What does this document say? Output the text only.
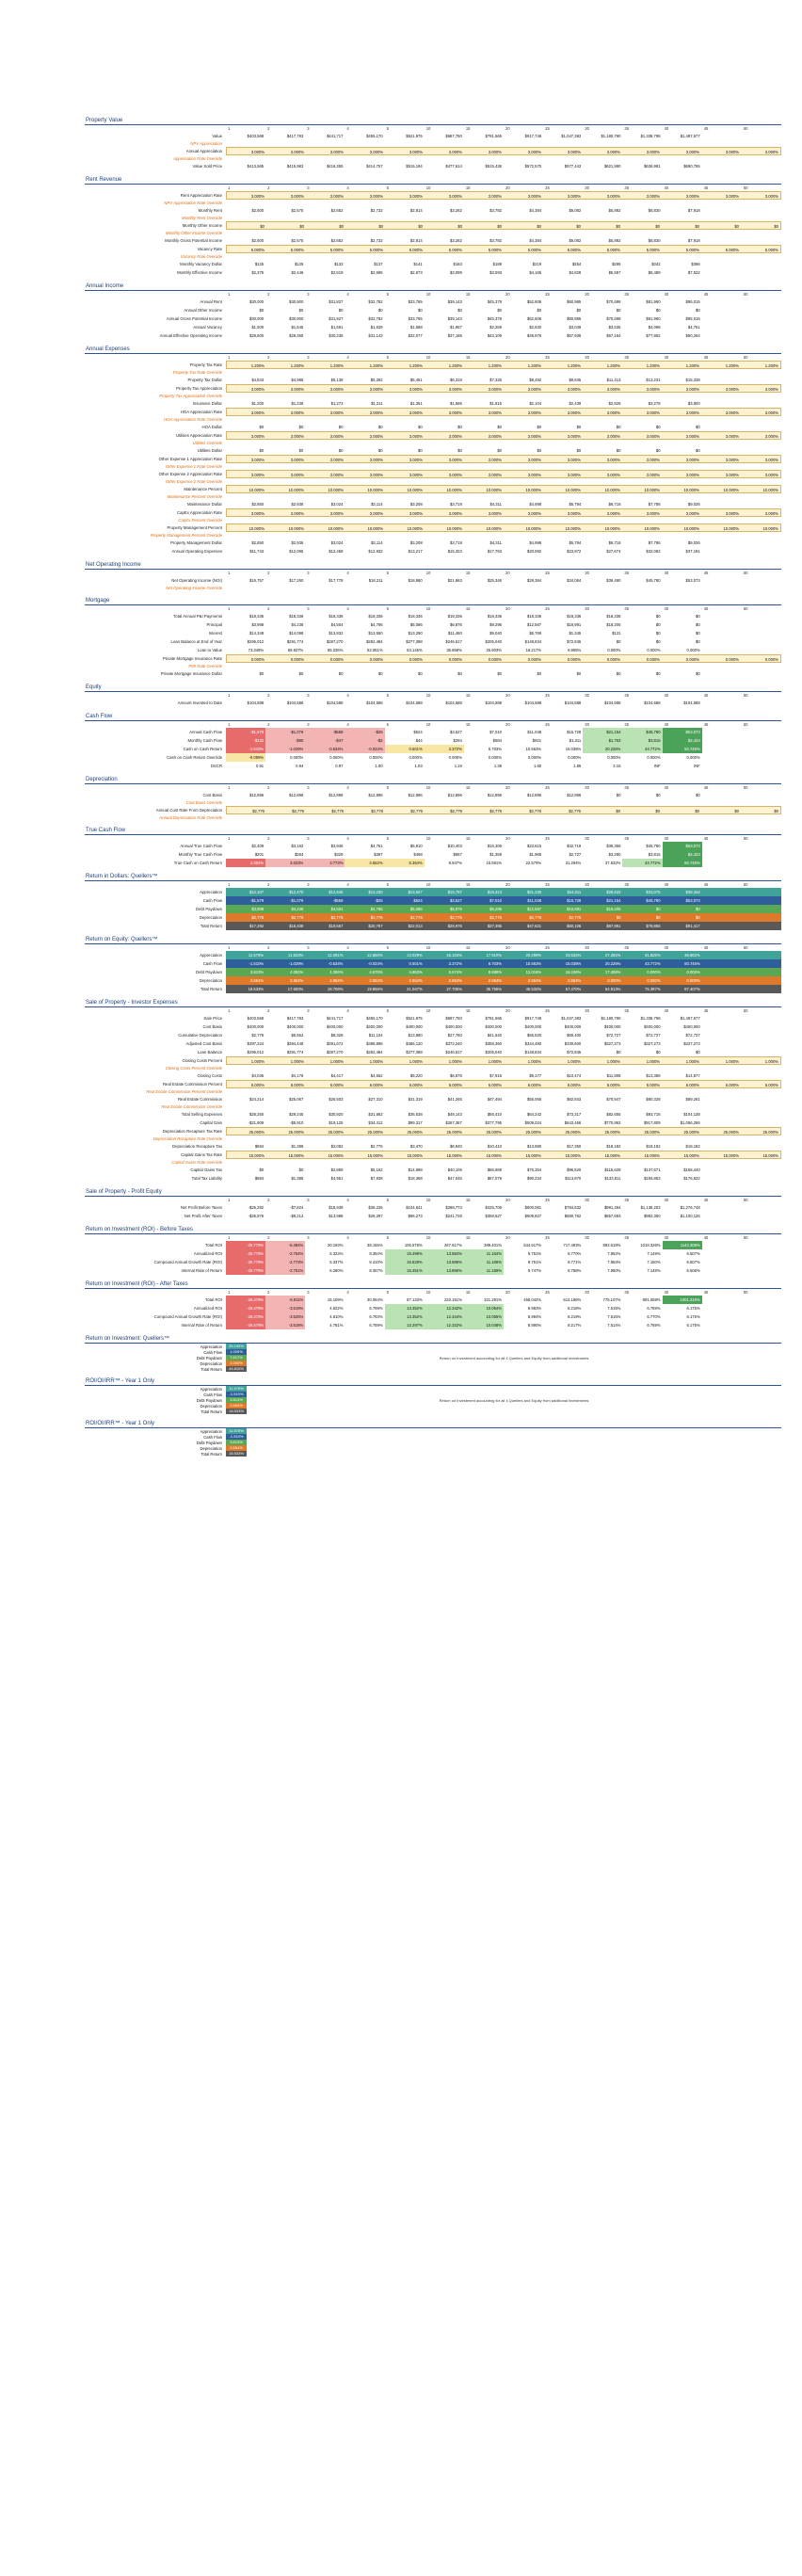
Property Value
1	2	3	4	5	10	15	20	25	30	35	40	45	50
Value	$403,568	$417,783	$441,717	$455,170	$521,975	$687,750	$791,565	$917,746	$1,047,383	$1,180,790	$1,338,798	$1,487,677
NPV Appreciation
Annual Appreciation	3.000%	3.000%	3.000%	3.000%	3.000%	3.000%	3.000%	3.000%	3.000%	3.000%	3.000%	3.000%	3.000%	3.000%
Appreciation Rate Override
Value Sold Price	$413,565	$415,983	$416,355	$414,757	$515,194	$477,614	$515,436	$572,570	$577,443	$621,990	$636,981	$690,755
Rent Revenue
1	2	3	4	5	10	15	20	25	30	35	40	45	50
Rent Appreciation Rate	3.000%	3.000%	3.000%	3.000%	3.000%	3.000%	3.000%	3.000%	3.000%	3.000%	3.000%	3.000%	3.000%	3.000%
NPV Appreciation Rate Override
Monthly Rent	$2,500	$2,575	$2,652	$2,732	$2,814	$3,262	$3,782	$4,384	$5,082	$5,892	$6,830	$7,918
Monthly Rent Override
Monthly Other Income	$0	$0	$0	$0	$0	$0	$0	$0	$0	$0	$0	$0	$0	$0
Monthly Other Income Override
Monthly Gross Potential Income	$2,500	$2,575	$2,652	$2,732	$2,814	$3,262	$3,782	$4,384	$5,082	$5,892	$6,830	$7,918
Vacancy Rate	5.000%	5.000%	5.000%	5.000%	5.000%	5.000%	5.000%	5.000%	5.000%	5.000%	5.000%	5.000%	5.000%	5.000%
Vacancy Rate Override
Monthly Vacancy Dollar	$125	$129	$133	$137	$141	$163	$189	$219	$254	$295	$342	$396
Monthly Effective Income	$2,375	$2,446	$2,519	$2,595	$2,673	$3,099	$3,593	$4,165	$4,828	$5,597	$6,489	$7,522
Annual Income
1	2	3	4	5	10	15	20	25	30	35	40	45	50
Annual Rent	$30,000	$30,900	$31,827	$32,782	$33,765	$39,143	$45,378	$52,606	$60,985	$70,699	$81,960	$95,015
Annual Other Income	$0	$0	$0	$0	$0	$0	$0	$0	$0	$0	$0	$0
Annual Gross Potential Income	$30,000	$30,900	$31,827	$32,782	$33,765	$39,143	$45,378	$52,606	$60,985	$70,699	$81,960	$95,015
Annual Vacancy	$1,500	$1,545	$1,591	$1,639	$1,688	$1,957	$2,269	$2,630	$3,049	$3,535	$4,098	$4,751
Annual Effective Operating Income	$28,500	$29,355	$30,236	$31,143	$32,077	$37,186	$43,109	$49,976	$57,936	$67,164	$77,862	$90,264
Annual Expenses
1	2	3	4	5	10	15	20	25	30	35	40	45	50
Property Tax Rate	1.200%	1.200%	1.200%	1.200%	1.200%	1.200%	1.200%	1.200%	1.200%	1.200%	1.200%	1.200%	1.200%	1.200%
Property Tax Rate Override
Property Tax Dollar	$4,843	$4,988	$5,138	$5,292	$5,451	$6,319	$7,325	$8,492	$9,845	$11,413	$13,231	$15,338
Property Tax Appreciation	3.000%	3.000%	3.000%	3.000%	3.000%	3.000%	3.000%	3.000%	3.000%	3.000%	3.000%	3.000%	3.000%	3.000%
Property Tax Appreciation Override
Insurance Dollar	$1,200	$1,236	$1,273	$1,311	$1,351	$1,566	$1,815	$2,104	$2,439	$2,828	$3,278	$3,800
HOA Appreciation Rate	3.000%	3.000%	3.000%	3.000%	3.000%	3.000%	3.000%	3.000%	3.000%	3.000%	3.000%	3.000%	3.000%	3.000%
HOA Appreciation Rate Override
HOA Dollar	$0	$0	$0	$0	$0	$0	$0	$0	$0	$0	$0	$0
Utilities Appreciation Rate	3.000%	3.000%	3.000%	3.000%	3.000%	3.000%	3.000%	3.000%	3.000%	3.000%	3.000%	3.000%	3.000%	3.000%
Utilities Override
Utilities Dollar	$0	$0	$0	$0	$0	$0	$0	$0	$0	$0	$0	$0
Other Expense 1 Appreciation Rate	3.000%	3.000%	3.000%	3.000%	3.000%	3.000%	3.000%	3.000%	3.000%	3.000%	3.000%	3.000%	3.000%	3.000%
Other Expense 1 Rate Override
Other Expense 2 Appreciation Rate	3.000%	3.000%	3.000%	3.000%	3.000%	3.000%	3.000%	3.000%	3.000%	3.000%	3.000%	3.000%	3.000%	3.000%
Other Expense 2 Rate Override
Maintenance Percent	10.000%	10.000%	10.000%	10.000%	10.000%	10.000%	10.000%	10.000%	10.000%	10.000%	10.000%	10.000%	10.000%	10.000%
Maintenance Percent Override
Maintenance Dollar	$2,850	$2,936	$3,024	$3,114	$3,208	$3,719	$4,311	$4,998	$5,794	$6,716	$7,786	$9,026
CapEx Appreciation Rate	3.000%	3.000%	3.000%	3.000%	3.000%	3.000%	3.000%	3.000%	3.000%	3.000%	3.000%	3.000%	3.000%	3.000%
CapEx Percent Override
Property Management Percent	10.000%	10.000%	10.000%	10.000%	10.000%	10.000%	10.000%	10.000%	10.000%	10.000%	10.000%	10.000%	10.000%	10.000%
Property Management Percent Override
Property Management Dollar	$2,850	$2,936	$3,024	$3,114	$3,208	$3,719	$4,311	$4,998	$5,794	$6,716	$7,786	$9,026
Annual Operating Expenses	$11,743	$12,095	$12,458	$12,832	$13,217	$15,323	$17,763	$20,592	$23,872	$27,674	$32,082	$37,191
Net Operating Income
1	2	3	4	5	10	15	20	25	30	35	40	45	50
Net Operating Income (NOI)	$16,757	$17,260	$17,778	$18,311	$18,860	$21,863	$25,346	$29,384	$34,064	$39,490	$45,780	$53,073
Net Operating Income Override
Mortgage
1	2	3	4	5	10	15	20	25	30	35	40	45	50
Total Annual P&I Payments	$18,336	$18,336	$18,336	$18,336	$18,336	$18,336	$18,336	$18,336	$18,336	$18,336	$0	$0
Principal	$3,988	$4,238	$4,504	$4,786	$5,086	$6,876	$9,296	$12,567	$16,991	$18,205	$0	$0
Interest	$14,348	$14,098	$13,832	$13,550	$13,250	$11,460	$9,040	$5,769	$1,345	$131	$0	$0
Loan Balance at End of Year	$296,012	$291,774	$287,270	$282,484	$277,398	$246,617	$205,040	$148,834	$72,845	$0	$0	$0
Loan to Value	73.348%	69.837%	65.036%	62.061%	53.145%	35.858%	25.903%	16.217%	6.955%	0.000%	0.000%	0.000%
Private Mortgage Insurance Rate	0.000%	0.000%	0.000%	0.000%	0.000%	0.000%	0.000%	0.000%	0.000%	0.000%	0.000%	0.000%	0.000%	0.000%
PMI Rate Override
Private Mortgage Insurance Dollar	$0	$0	$0	$0	$0	$0	$0	$0	$0	$0	$0	$0
Equity
1	2	3	4	5	10	15	20	25	30	35	40	45	50
Amount Invested to Date	$104,588	$104,588	$104,588	$104,588	$104,588	$104,588	$104,588	$104,588	$104,588	$104,588	$104,588	$104,588
Cash Flow
1	2	3	4	5	10	15	20	25	30	35	40	45	50
Annual Cash Flow	-$1,579	-$1,076	-$558	-$25	$524	$3,527	$7,010	$11,048	$15,728	$21,154	$45,780	$53,073
Monthly Cash Flow	-$132	-$90	-$47	-$2	$44	$294	$584	$921	$1,311	$1,763	$3,815	$4,423
Cash on Cash Return	-1.510%	-1.029%	-0.534%	-0.024%	0.501%	3.372%	6.703%	10.563%	15.038%	20.226%	43.772%	50.745%
Cash on Cash Return Override	-0.099%	0.000%	0.000%	0.000%	0.000%	0.000%	0.000%	0.000%	0.000%	0.000%	0.000%	0.000%
DSCR	0.91	0.94	0.97	1.00	1.03	1.19	1.38	1.60	1.86	2.15	INF	INF
Depreciation
1	2	3	4	5	10	15	20	25	30	35	40	45	50
Cost Basis	$12,896	$12,896	$12,896	$12,896	$12,896	$12,896	$12,896	$12,896	$12,896	$0	$0	$0
Cost Basis Override
Annual Cost Rate From Depreciation	$2,776	$2,776	$2,776	$2,776	$2,776	$2,776	$2,776	$2,776	$2,776	$0	$0	$0	$0	$0
Annual Depreciation Rate Override
True Cash Flow
1	2	3	4	5	10	15	20	25	30	35	40	45	50
Annual True Cash Flow	$2,409	$3,162	$3,946	$4,761	$5,610	$10,403	$16,306	$23,615	$32,719	$39,359	$45,780	$53,073
Monthly True Cash Flow	$201	$264	$329	$397	$468	$867	$1,359	$1,968	$2,727	$3,280	$3,815	$4,423
True Cash on Cash Return	2.304%	3.023%	3.773%	4.552%	5.364%	9.947%	15.591%	22.579%	31.284%	37.632%	43.772%	50.745%
Return in Dollars: Quellers™
1	2	3	4	5	10	15	20	25	30	35	40	45	50
Appreciation	$12,107	$12,470	$12,845	$13,230	$13,627	$15,797	$18,313	$21,230	$24,611	$28,532	$33,076	$38,344
Cash Flow	-$1,579	-$1,076	-$558	-$25	$524	$3,527	$7,010	$11,048	$15,728	$21,154	$45,780	$53,073
Debt Paydown	$3,988	$4,238	$4,504	$4,786	$5,086	$6,876	$9,296	$12,567	$16,991	$18,205	$0	$0
Depreciation	$2,776	$2,776	$2,776	$2,776	$2,776	$2,776	$2,776	$2,776	$2,776	$0	$0	$0
Total Return	$17,292	$18,408	$19,567	$20,767	$22,013	$28,976	$37,395	$47,621	$60,106	$67,891	$78,856	$91,417
Return on Equity: Quellers™
1	2	3	4	5	10	15	20	25	30	35	40	45	50
Appreciation	11.576%	11.923%	12.281%	12.650%	13.029%	15.104%	17.510%	20.299%	23.532%	27.281%	31.625%	36.662%
Cash Flow	-1.510%	-1.029%	-0.534%	-0.024%	0.501%	3.372%	6.703%	10.563%	15.038%	20.226%	43.772%	50.745%
Debt Paydown	3.813%	4.052%	4.306%	4.576%	4.863%	6.574%	8.888%	12.016%	16.246%	17.406%	0.000%	0.000%
Depreciation	2.654%	2.654%	2.654%	2.654%	2.654%	2.654%	2.654%	2.654%	2.654%	0.000%	0.000%	0.000%
Total Return	16.533%	17.600%	18.708%	19.856%	21.047%	27.705%	35.755%	45.532%	57.470%	64.913%	75.397%	87.407%
Sale of Property - Investor Expenses
1	2	3	4	5	10	15	20	25	30	35	40	45	50
Sale Price	$403,568	$417,783	$441,717	$455,170	$521,975	$687,750	$791,565	$917,746	$1,047,383	$1,180,790	$1,338,798	$1,487,677
Cost Basis	$400,000	$400,000	$400,000	$400,000	$400,000	$400,000	$400,000	$400,000	$400,000	$400,000	$400,000	$400,000
Cumulative Depreciation	$2,776	$5,552	$8,328	$11,104	$13,880	$27,760	$41,640	$55,520	$69,400	$72,727	$72,727	$72,727
Adjusted Cost Basis	$397,224	$394,448	$391,672	$388,896	$386,120	$372,240	$358,360	$344,480	$330,600	$327,273	$327,273	$327,273
Loan Balance	$296,012	$291,774	$287,270	$282,484	$277,398	$246,617	$205,040	$148,834	$72,845	$0	$0	$0
Closing Costs Percent	1.000%	1.000%	1.000%	1.000%	1.000%	1.000%	1.000%	1.000%	1.000%	1.000%	1.000%	1.000%	1.000%	1.000%
Closing Costs Percent Override
Closing Costs	$4,036	$4,178	$4,417	$4,552	$5,220	$6,878	$7,916	$9,177	$10,474	$11,808	$13,388	$14,877
Real Estate Commission Percent	6.000%	6.000%	6.000%	6.000%	6.000%	6.000%	6.000%	6.000%	6.000%	6.000%	6.000%	6.000%	6.000%	6.000%
Real Estate Commission Percent Override
Real Estate Commission	$24,214	$25,067	$26,503	$27,310	$31,319	$41,265	$47,494	$55,065	$62,843	$70,847	$80,328	$89,261
Real Estate Commission Override
Total Selling Expenses	$28,250	$29,245	$30,920	$31,862	$36,538	$48,143	$55,410	$64,242	$73,317	$82,655	$93,716	$104,138
Capital Gain	-$21,906	-$5,910	$19,125	$34,412	$99,317	$267,367	$377,795	$509,024	$643,466	$770,862	$917,809	$1,056,266
Depreciation Recapture Tax Rate	25.000%	25.000%	25.000%	25.000%	25.000%	25.000%	25.000%	25.000%	25.000%	25.000%	25.000%	25.000%	25.000%	25.000%
Depreciation Recapture Rate Override
Depreciation Recapture Tax	$694	$1,388	$2,082	$2,776	$3,470	$6,940	$10,410	$13,880	$17,350	$18,182	$18,182	$18,182
Capital Gains Tax Rate	15.000%	15.000%	15.000%	15.000%	15.000%	15.000%	15.000%	15.000%	15.000%	15.000%	15.000%	15.000%	15.000%	15.000%
Capital Gains Rate Override
Capital Gains Tax	$0	$0	$2,869	$5,162	$14,898	$40,105	$56,669	$76,354	$96,520	$115,629	$137,671	$158,440
Total Tax Liability	$694	$1,388	$4,951	$7,938	$18,368	$47,045	$67,079	$90,234	$113,870	$133,811	$155,853	$176,622
Sale of Property - Profit Equity
1	2	3	4	5	10	15	20	25	30	35	40	45	50
Net Profit Before Taxes	-$25,282	-$7,824	$18,939	$36,235	$104,641	$288,773	$425,706	$600,061	$794,632	$991,494	$1,138,203	$1,276,748
Net Profit After Taxes	-$25,976	-$9,212	$13,988	$28,297	$86,273	$241,728	$358,627	$509,827	$680,762	$857,683	$982,350	$1,100,126
Return on Investment (ROI) - Before Taxes
1	2	3	4	5	10	15	20	25	30	35	40	45	50
Total ROI	-25.779%	-5.484%	20.193%	38.155%	105.578%	267.617%	389.401%	544.617%	717.493%	892.618%	1018.326%	1142.306%
Annualized ROI	-25.779%	-2.754%	6.323%	8.394%	15.499%	13.884%	11.164%	9.751%	8.770%	7.952%	7.149%	6.507%
Compound Annual Growth Rate (ROI)	-25.779%	-2.772%	6.337%	8.410%	15.528%	13.886%	11.166%	9.751%	8.771%	7.953%	7.150%	6.507%
Internal Rate of Return	-25.779%	-2.751%	6.280%	8.357%	15.451%	13.866%	11.159%	9.747%	8.768%	7.950%	7.148%	6.506%
Return on Investment (ROI) - After Taxes
1	2	3	4	5	10	15	20	25	30	35	40	45	50
Total ROI	-26.479%	-6.911%	15.109%	30.054%	87.133%	220.151%	321.291%	458.042%	613.186%	775.107%	891.059%	1001.219%
Annualized ROI	-26.479%	-3.519%	4.822%	6.799%	13.352%	12.342%	10.054%	8.993%	8.218%	7.515%	6.769%	6.175%
Compound Annual Growth Rate (ROI)	-26.479%	-3.525%	4.810%	6.793%	13.352%	12.344%	10.055%	8.994%	8.219%	7.515%	6.770%	6.175%
Internal Rate of Return	-26.479%	-3.516%	4.781%	6.759%	13.297%	12.322%	10.048%	8.990%	8.217%	7.514%	6.769%	6.175%
Return on Investment: Quellers™
Appreciation	35.190%
Cash Flow	1.009%
Debt Paydown	7.617%
Depreciation	1.000%
Total Return	44.816%
Return on Investment accounting for all 4 Quellers and Equity from additional investments
ROI/OI/IRR™ - Year 1 Only
Appreciation	11.576%
Cash Flow	-1.510%
Debt Paydown	3.813%
Depreciation	2.654%
Total Return	16.533%
Return on Investment accounting for all 4 Quellers and Equity from additional investments
ROI/OI/IRR™ - Year 1 Only
Appreciation	11.576%
Cash Flow	-1.510%
Debt Paydown	3.813%
Depreciation	2.654%
Total Return	16.533%
